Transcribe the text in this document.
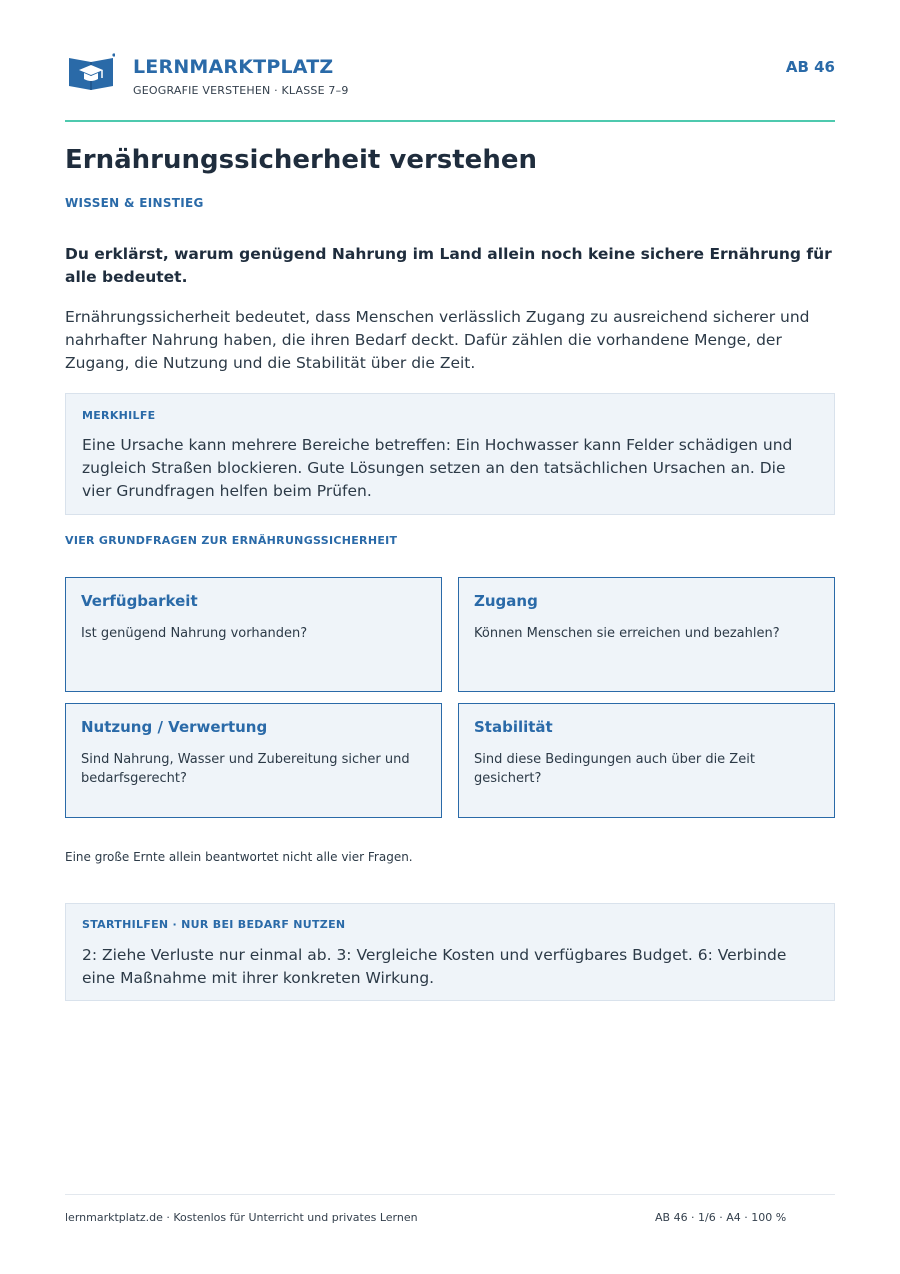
LERNMARKTPLATZ
GEOGRAFIE VERSTEHEN · KLASSE 7–9
AB 46
Ernährungssicherheit verstehen
WISSEN & EINSTIEG

Du erklärst, warum genügend Nahrung im Land allein noch keine sichere Ernährung für alle bedeutet.

Ernährungssicherheit bedeutet, dass Menschen verlässlich Zugang zu ausreichend sicherer und nahrhafter Nahrung haben, die ihren Bedarf deckt. Dafür zählen die vorhandene Menge, der Zugang, die Nutzung und die Stabilität über die Zeit.

MERKHILFE

Eine Ursache kann mehrere Bereiche betreffen: Ein Hochwasser kann Felder schädigen und zugleich Straßen blockieren. Gute Lösungen setzen an den tatsächlichen Ursachen an. Die vier Grundfragen helfen beim Prüfen.

VIER GRUNDFRAGEN ZUR ERNÄHRUNGSSICHERHEIT
Verfügbarkeit

Ist genügend Nahrung vorhanden?

Zugang

Können Menschen sie erreichen und bezahlen?

Nutzung / Verwertung

Sind Nahrung, Wasser und Zubereitung sicher und bedarfsgerecht?

Stabilität

Sind diese Bedingungen auch über die Zeit gesichert?

Eine große Ernte allein beantwortet nicht alle vier Fragen.

STARTHILFEN · NUR BEI BEDARF NUTZEN

2: Ziehe Verluste nur einmal ab. 3: Vergleiche Kosten und verfügbares Budget. 6: Verbinde eine Maßnahme mit ihrer konkreten Wirkung.

lernmarktplatz.de · Kostenlos für Unterricht und privates Lernen	AB 46 · 1/6 · A4 · 100 %
